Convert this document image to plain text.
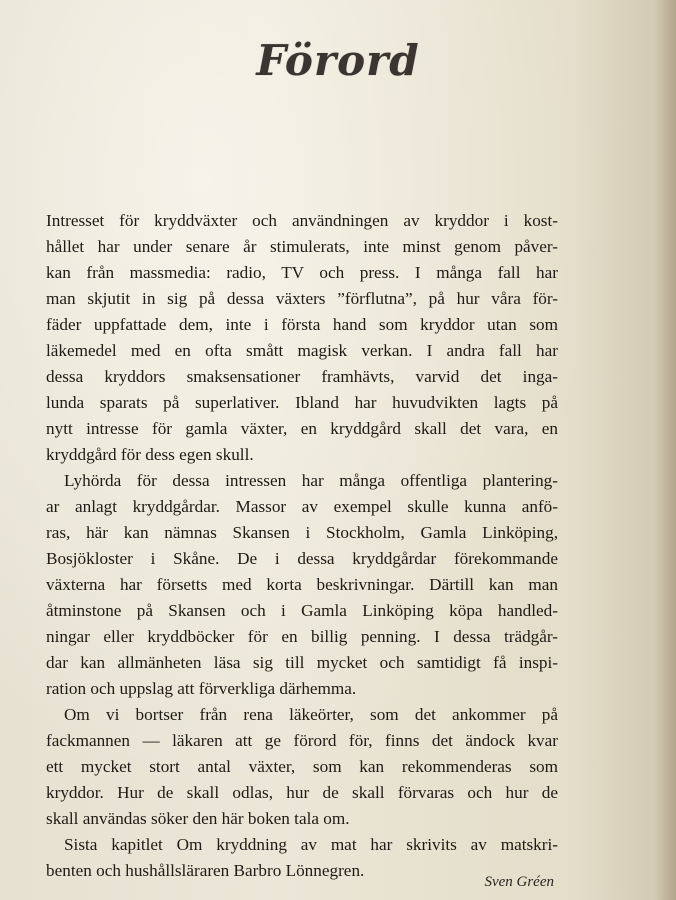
Förord
Intresset för kryddväxter och användningen av kryddor i kost-
hållet har under senare år stimulerats, inte minst genom påver-
kan från massmedia: radio, TV och press. I många fall har
man skjutit in sig på dessa växters ”förflutna”, på hur våra för-
fäder uppfattade dem, inte i första hand som kryddor utan som
läkemedel med en ofta smått magisk verkan. I andra fall har
dessa kryddors smaksensationer framhävts, varvid det inga-
lunda sparats på superlativer. Ibland har huvudvikten lagts på
nytt intresse för gamla växter, en kryddgård skall det vara, en
kryddgård för dess egen skull.
Lyhörda för dessa intressen har många offentliga plantering-
ar anlagt kryddgårdar. Massor av exempel skulle kunna anfö-
ras, här kan nämnas Skansen i Stockholm, Gamla Linköping,
Bosjökloster i Skåne. De i dessa kryddgårdar förekommande
växterna har försetts med korta beskrivningar. Därtill kan man
åtminstone på Skansen och i Gamla Linköping köpa handled-
ningar eller kryddböcker för en billig penning. I dessa trädgår-
dar kan allmänheten läsa sig till mycket och samtidigt få inspi-
ration och uppslag att förverkliga därhemma.
Om vi bortser från rena läkeörter, som det ankommer på
fackmannen — läkaren att ge förord för, finns det ändock kvar
ett mycket stort antal växter, som kan rekommenderas som
kryddor. Hur de skall odlas, hur de skall förvaras och hur de
skall användas söker den här boken tala om.
Sista kapitlet Om kryddning av mat har skrivits av matskri-
benten och hushållsläraren Barbro Lönnegren.
Sven Gréen
